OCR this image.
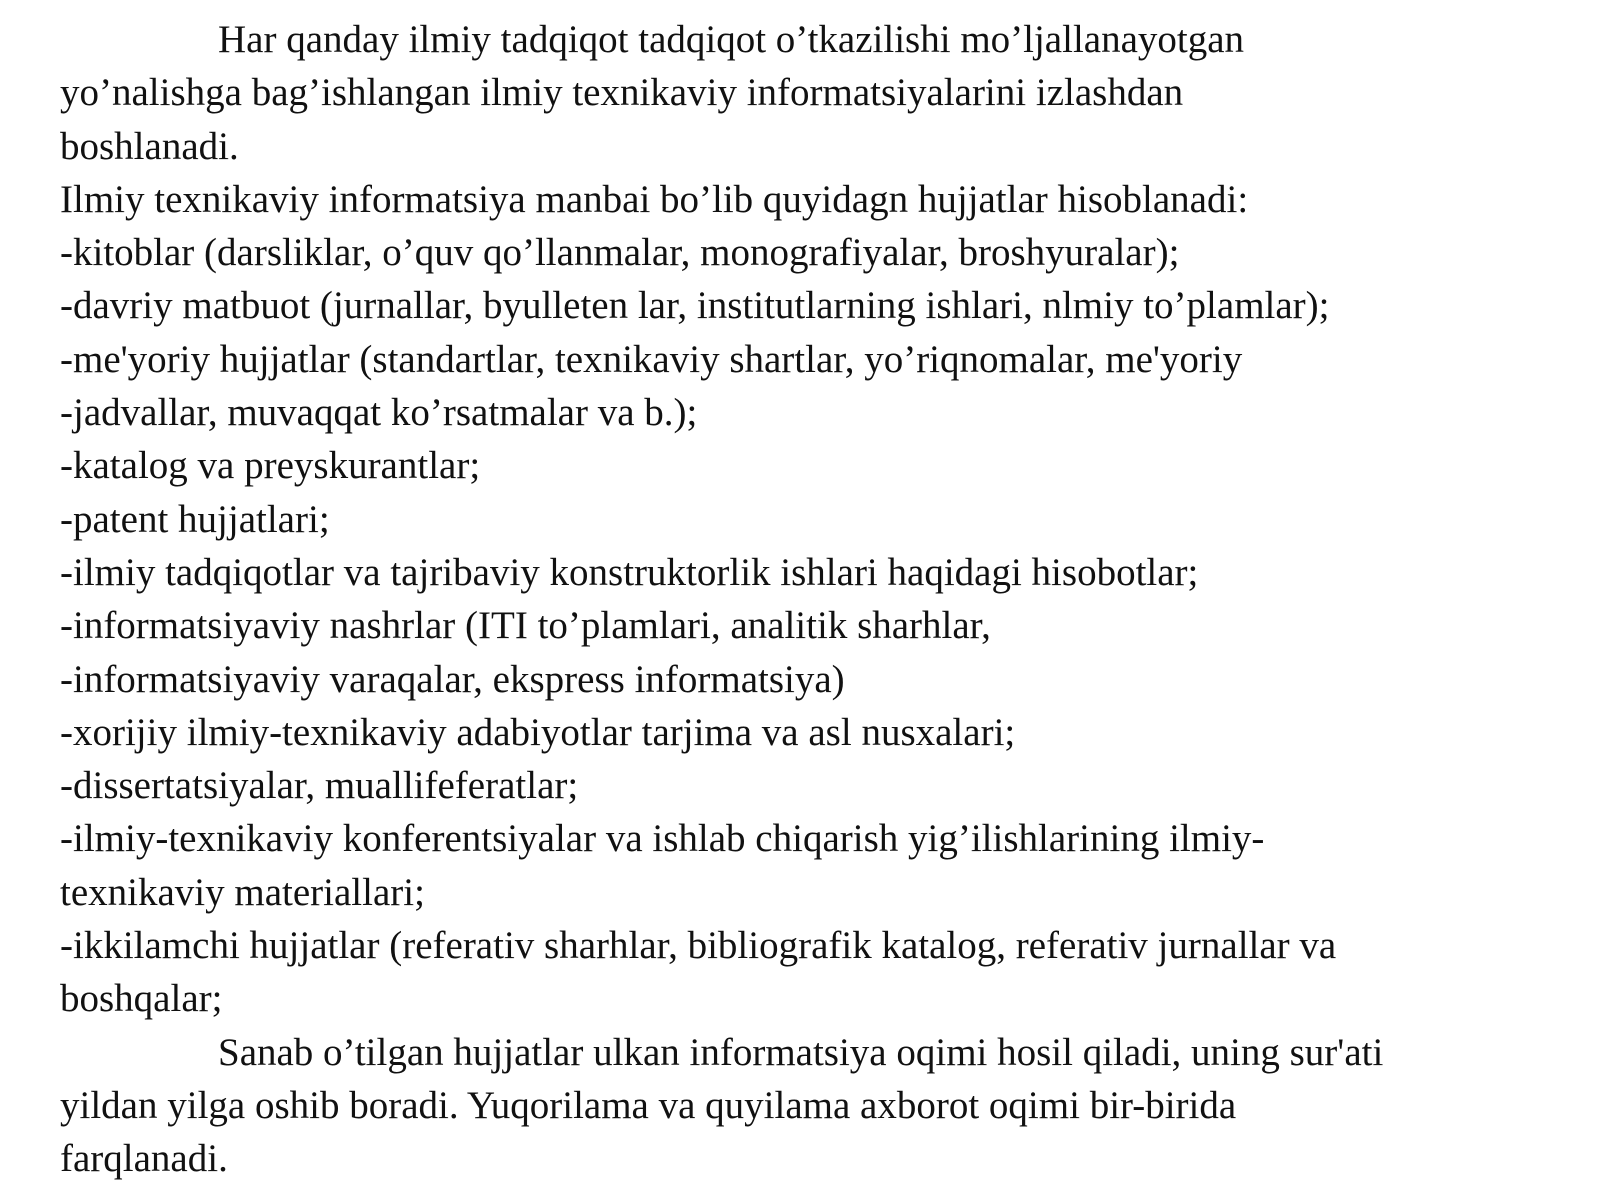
Har qanday ilmiy tadqiqot tadqiqot o’tkazilishi mo’ljallanayotgan
yo’nalishga bag’ishlangan ilmiy texnikaviy informatsiyalarini izlashdan
boshlanadi.
Ilmiy texnikaviy informatsiya manbai bo’lib quyidagn hujjatlar hisoblanadi:
-kitoblar (darsliklar, o’quv qo’llanmalar, monografiyalar, broshyuralar);
-davriy matbuot (jurnallar, byulleten lar, institutlarning ishlari, nlmiy to’plamlar);
-me'yoriy hujjatlar (standartlar, texnikaviy shartlar, yo’riqnomalar, me'yoriy
-jadvallar, muvaqqat ko’rsatmalar va b.);
-katalog va preyskurantlar;
-patent hujjatlari;
-ilmiy tadqiqotlar va tajribaviy konstruktorlik ishlari haqidagi hisobotlar;
-informatsiyaviy nashrlar (ITI to’plamlari, analitik sharhlar,
-informatsiyaviy varaqalar, ekspress informatsiya)
-xorijiy ilmiy-texnikaviy adabiyotlar tarjima va asl nusxalari;
-dissertatsiyalar, muallifeferatlar;
-ilmiy-texnikaviy konferentsiyalar va ishlab chiqarish yig’ilishlarining ilmiy-
texnikaviy materiallari;
-ikkilamchi hujjatlar (referativ sharhlar, bibliografik katalog, referativ jurnallar va
boshqalar;
Sanab o’tilgan hujjatlar ulkan informatsiya oqimi hosil qiladi, uning sur'ati
yildan yilga oshib boradi. Yuqorilama va quyilama axborot oqimi bir-birida
farqlanadi.
